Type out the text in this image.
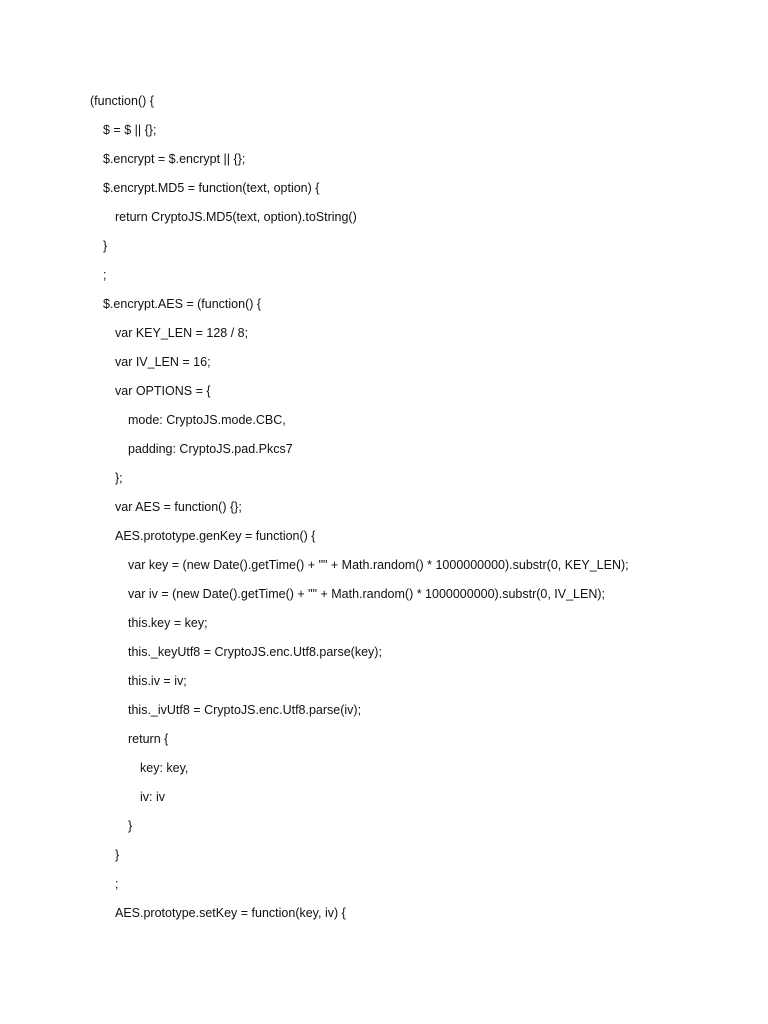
(function() {
$ = $ || {};
$.encrypt = $.encrypt || {};
$.encrypt.MD5 = function(text, option) {
return CryptoJS.MD5(text, option).toString()
}
;
$.encrypt.AES = (function() {
var KEY_LEN = 128 / 8;
var IV_LEN = 16;
var OPTIONS = {
mode: CryptoJS.mode.CBC,
padding: CryptoJS.pad.Pkcs7
};
var AES = function() {};
AES.prototype.genKey = function() {
var key = (new Date().getTime() + "" + Math.random() * 1000000000).substr(0, KEY_LEN);
var iv = (new Date().getTime() + "" + Math.random() * 1000000000).substr(0, IV_LEN);
this.key = key;
this._keyUtf8 = CryptoJS.enc.Utf8.parse(key);
this.iv = iv;
this._ivUtf8 = CryptoJS.enc.Utf8.parse(iv);
return {
key: key,
iv: iv
}
}
;
AES.prototype.setKey = function(key, iv) {
